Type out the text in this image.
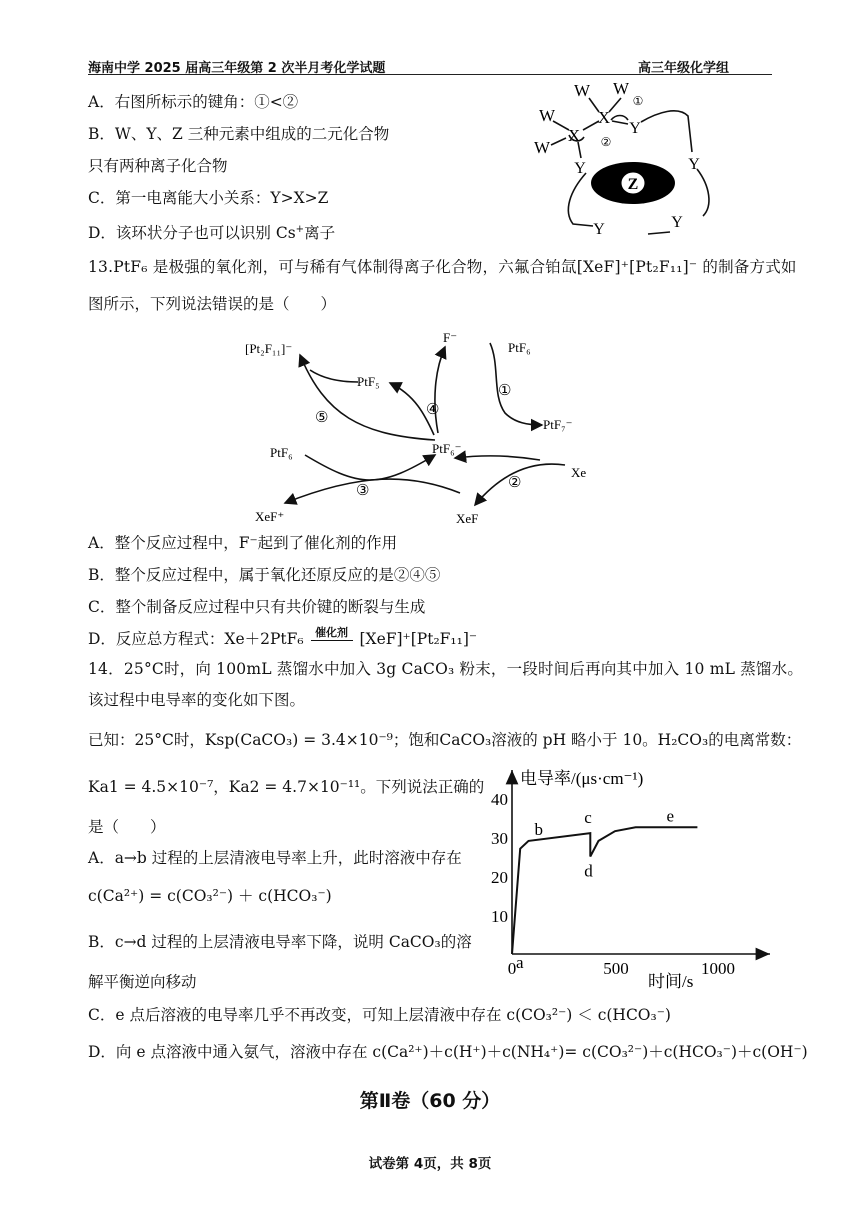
海南中学 2025 届高三年级第 2 次半月考化学试题	高三年级化学组
A．右图所标示的键角：①<②
B．W、Y、Z 三种元素中组成的二元化合物
只有两种离子化合物
C．第一电离能大小关系：Y>X>Z
D．该环状分子也可以识别 Cs+离子
Z
W W
W
W
X
X	Y
Y
Y
Y
Y
①
②
13.PtF₆ 是极强的氧化剂，可与稀有气体制得离子化合物，六氟合铂氙[XeF]⁺[Pt₂F₁₁]⁻ 的制备方式如
图所示，下列说法错误的是（　　）
[Pt₂F₁₁]⁻
F⁻
PtF₆
PtF₅
PtF₇⁻
PtF₆	PtF₆⁻
Xe
XeF⁺	XeF
①
②
③
④
⑤
A．整个反应过程中，F⁻起到了催化剂的作用
B．整个反应过程中，属于氧化还原反应的是②④⑤
C．整个制备反应过程中只有共价键的断裂与生成
D．反应总方程式：Xe＋2PtF₆	催化剂 [XeF]⁺[Pt₂F₁₁]⁻
14．25°C时，向 100mL 蒸馏水中加入 3g CaCO₃ 粉末，一段时间后再向其中加入 10 mL 蒸馏水。
该过程中电导率的变化如下图。
已知：25°C时，Ksp(CaCO₃) = 3.4×10⁻⁹；饱和CaCO₃溶液的 pH 略小于 10。H₂CO₃的电离常数：
Ka1 = 4.5×10⁻⁷，Ka2 = 4.7×10⁻¹¹。下列说法正确的
是（　　）
A．a→b 过程的上层清液电导率上升，此时溶液中存在
c(Ca²⁺) = c(CO₃²⁻) ＋ c(HCO₃⁻)
B．c→d 过程的上层清液电导率下降，说明 CaCO₃的溶
解平衡逆向移动
C．e 点后溶液的电导率几乎不再改变，可知上层清液中存在 c(CO₃²⁻) ＜ c(HCO₃⁻)
D．向 e 点溶液中通入氨气，溶液中存在 c(Ca²⁺)＋c(H⁺)＋c(NH₄⁺)= c(CO₃²⁻)＋c(HCO₃⁻)＋c(OH⁻)
电导率/(μs·cm⁻¹)
时间/s
0	500	1000
10
20
30
40
a
b
c
d
e
第Ⅱ卷（60 分）
试卷第 4页，共 8页
